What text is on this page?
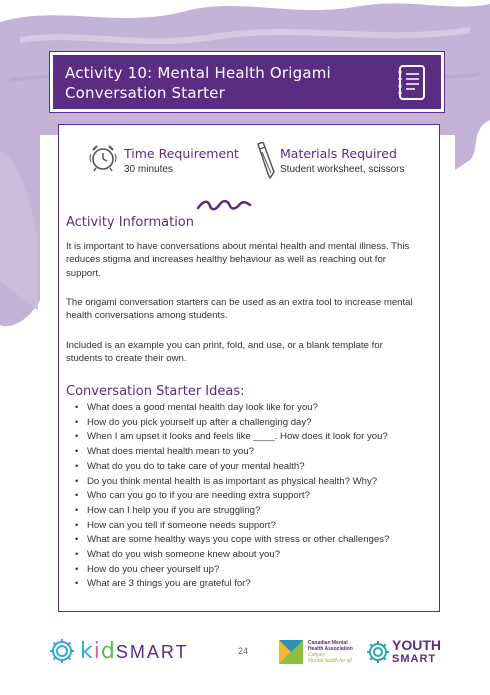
Activity 10: Mental Health Origami
Conversation Starter
Time Requirement
30 minutes
Materials Required
Student worksheet, scissors
Activity Information
It is important to have conversations about mental health and mental illness. This
reduces stigma and increases healthy behaviour as well as reaching out for
support.
The origami conversation starters can be used as an extra tool to increase mental
health conversations among students.
Included is an example you can print, fold, and use, or a blank template for
students to create their own.
Conversation Starter Ideas:
• What does a good mental health day look like for you?
• How do you pick yourself up after a challenging day?
• When I am upset it looks and feels like ____. How does it look for you?
• What does mental health mean to you?
• What do you do to take care of your mental health?
• Do you think mental health is as important as physical health? Why?
• Who can you go to if you are needing extra support?
• How can I help you if you are struggling?
• How can you tell if someone needs support?
• What are some healthy ways you cope with stress or other challenges?
• What do you wish someone knew about you?
• How do you cheer yourself up?
• What are 3 things you are grateful for?
kidSMART	24
Canadian Mental Health Association
Calgary
Mental health for all
YOUTH
SMART
